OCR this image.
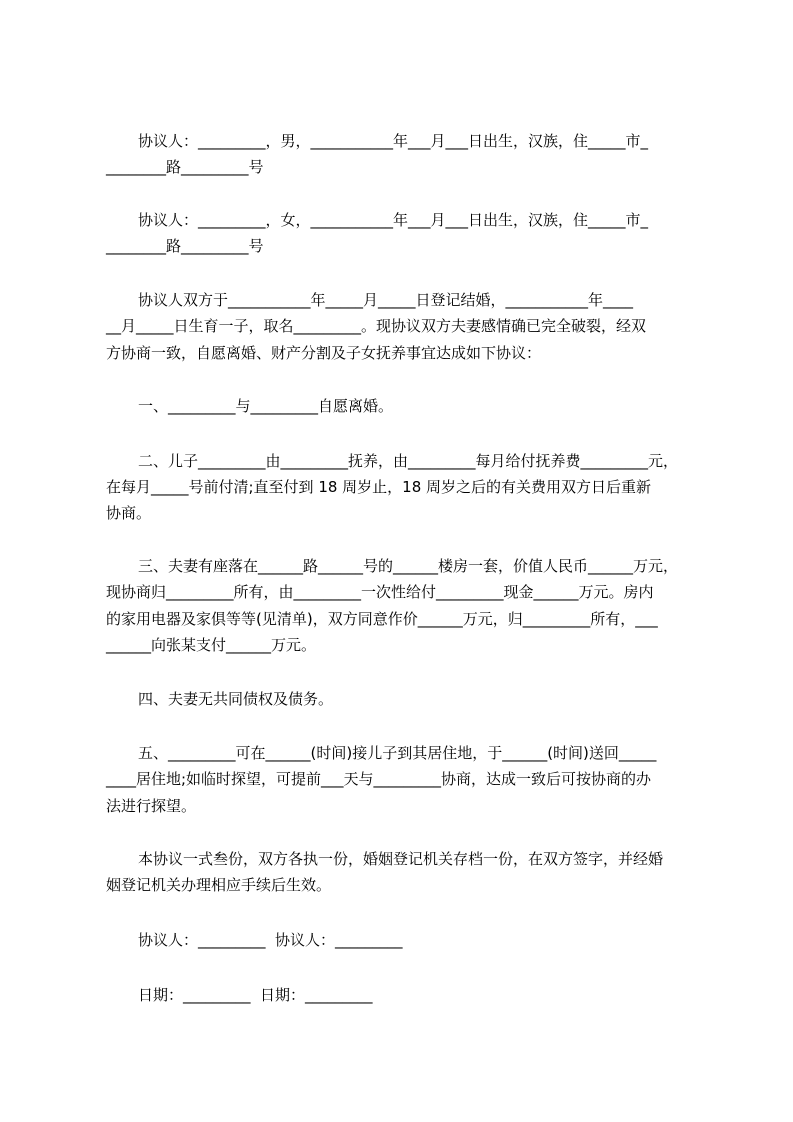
协议人：_________，男，___________年___月___日出生，汉族，住_____市_

________路_________号

协议人：_________，女，___________年___月___日出生，汉族，住_____市_

________路_________号

协议人双方于___________年_____月_____日登记结婚，___________年____

__月_____日生育一子，取名_________。现协议双方夫妻感情确已完全破裂，经双

方协商一致，自愿离婚、财产分割及子女抚养事宜达成如下协议：

一、_________与_________自愿离婚。

二、儿子_________由_________抚养，由_________每月给付抚养费_________元，

在每月_____号前付清;直至付到 18 周岁止，18 周岁之后的有关费用双方日后重新

协商。

三、夫妻有座落在______路______号的______楼房一套，价值人民币______万元，

现协商归_________所有，由_________一次性给付_________现金______万元。房内

的家用电器及家俱等等(见清单)，双方同意作价______万元，归_________所有，___

______向张某支付______万元。

四、夫妻无共同债权及债务。

五、_________可在______(时间)接儿子到其居住地，于______(时间)送回_____

____居住地;如临时探望，可提前___天与_________协商，达成一致后可按协商的办

法进行探望。

本协议一式叁份，双方各执一份，婚姻登记机关存档一份，在双方签字，并经婚

姻登记机关办理相应手续后生效。

协议人：_________  协议人：_________

日期：_________  日期：_________
